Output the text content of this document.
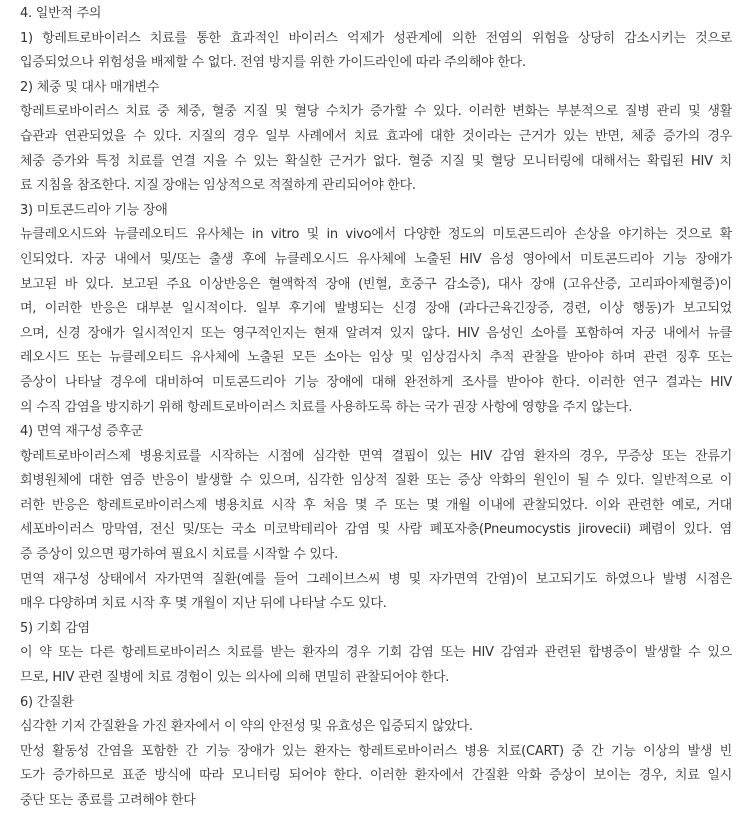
4. 일반적 주의
1) 항레트로바이러스 치료를 통한 효과적인 바이러스 억제가 성관계에 의한 전염의 위험을 상당히 감소시키는 것으로
입증되었으나 위험성을 배제할 수 없다. 전염 방지를 위한 가이드라인에 따라 주의해야 한다.
2) 체중 및 대사 매개변수
항레트로바이러스 치료 중 체중, 혈중 지질 및 혈당 수치가 증가할 수 있다. 이러한 변화는 부분적으로 질병 관리 및 생활
습관과 연관되었을 수 있다. 지질의 경우 일부 사례에서 치료 효과에 대한 것이라는 근거가 있는 반면, 체중 증가의 경우
체중 증가와 특정 치료를 연결 지을 수 있는 확실한 근거가 없다. 혈중 지질 및 혈당 모니터링에 대해서는 확립된 HIV 치
료 지침을 참조한다. 지질 장애는 임상적으로 적절하게 관리되어야 한다.
3) 미토콘드리아 기능 장애
뉴클레오시드와 뉴클레오티드 유사체는 in vitro 및 in vivo에서 다양한 정도의 미토콘드리아 손상을 야기하는 것으로 확
인되었다. 자궁 내에서 및/또는 출생 후에 뉴클레오시드 유사체에 노출된 HIV 음성 영아에서 미토콘드리아 기능 장애가
보고된 바 있다. 보고된 주요 이상반응은 혈액학적 장애 (빈혈, 호중구 감소증), 대사 장애 (고유산증, 고리파아제혈증)이
며, 이러한 반응은 대부분 일시적이다. 일부 후기에 발병되는 신경 장애 (과다근육긴장증, 경련, 이상 행동)가 보고되었
으며, 신경 장애가 일시적인지 또는 영구적인지는 현재 알려져 있지 않다. HIV 음성인 소아를 포함하여 자궁 내에서 뉴클
레오시드 또는 뉴클레오티드 유사체에 노출된 모든 소아는 임상 및 임상검사치 추적 관찰을 받아야 하며 관련 징후 또는
증상이 나타날 경우에 대비하여 미토콘드리아 기능 장애에 대해 완전하게 조사를 받아야 한다. 이러한 연구 결과는 HIV
의 수직 감염을 방지하기 위해 항레트로바이러스 치료를 사용하도록 하는 국가 권장 사항에 영향을 주지 않는다.
4) 면역 재구성 증후군
항레트로바이러스제 병용치료를 시작하는 시점에 심각한 면역 결핍이 있는 HIV 감염 환자의 경우, 무증상 또는 잔류기
회병원체에 대한 염증 반응이 발생할 수 있으며, 심각한 임상적 질환 또는 증상 악화의 원인이 될 수 있다. 일반적으로 이
러한 반응은 항레트로바이러스제 병용치료 시작 후 처음 몇 주 또는 몇 개월 이내에 관찰되었다. 이와 관련한 예로, 거대
세포바이러스 망막염, 전신 및/또는 국소 미코박테리아 감염 및 사람 폐포자충(Pneumocystis jirovecii) 폐렴이 있다. 염
증 증상이 있으면 평가하여 필요시 치료를 시작할 수 있다.
면역 재구성 상태에서 자가면역 질환(예를 들어 그레이브스씨 병 및 자가면역 간염)이 보고되기도 하였으나 발병 시점은
매우 다양하며 치료 시작 후 몇 개월이 지난 뒤에 나타날 수도 있다.
5) 기회 감염
이 약 또는 다른 항레트로바이러스 치료를 받는 환자의 경우 기회 감염 또는 HIV 감염과 관련된 합병증이 발생할 수 있으
므로, HIV 관련 질병에 치료 경험이 있는 의사에 의해 면밀히 관찰되어야 한다.
6) 간질환
심각한 기저 간질환을 가진 환자에서 이 약의 안전성 및 유효성은 입증되지 않았다.
만성 활동성 간염을 포함한 간 기능 장애가 있는 환자는 항레트로바이러스 병용 치료(CART) 중 간 기능 이상의 발생 빈
도가 증가하므로 표준 방식에 따라 모니터링 되어야 한다. 이러한 환자에서 간질환 악화 증상이 보이는 경우, 치료 일시
중단 또는 종료를 고려해야 한다
